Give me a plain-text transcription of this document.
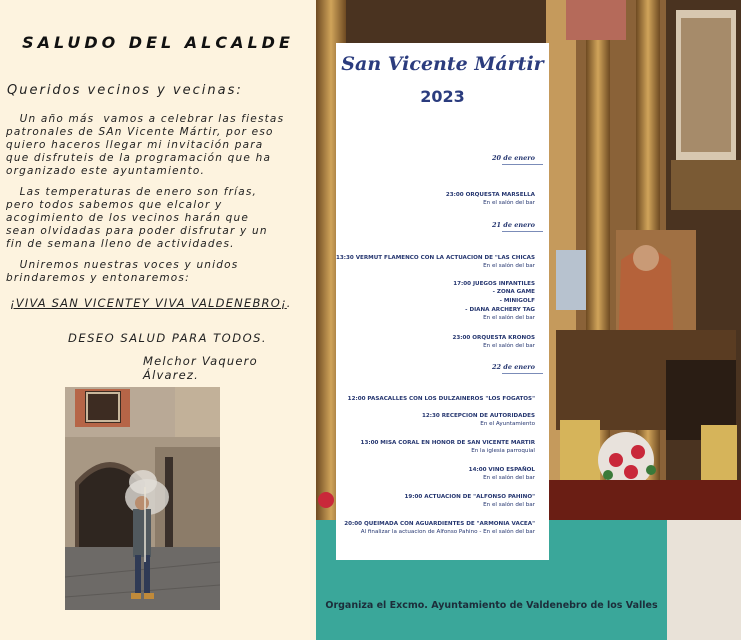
SALUDO DEL ALCALDE
Queridos vecinos y vecinas:
Un año más  vamos a celebrar las fiestas
patronales de SAn Vicente Mártir, por eso
quiero haceros llegar mi invitación para
que disfruteis de la programación que ha
organizado este ayuntamiento.
Las temperaturas de enero son frías,
pero todos sabemos que elcalor y
acogimiento de los vecinos harán que
sean olvidadas para poder disfrutar y un
fin de semana lleno de actividades.
Uniremos nuestras voces y unidos
brindaremos y entonaremos:
¡VIVA SAN VICENTEY VIVA VALDENEBRO¡.
DESEO SALUD PARA TODOS.
Melchor Vaquero Álvarez.
Organiza el Excmo. Ayuntamiento de Valdenebro de los Valles
San Vicente Mártir
2023
20 de enero
23:00 ORQUESTA MARSELLA
En el salón del bar
21 de enero
13:30 VERMUT FLAMENCO CON LA ACTUACION DE "LAS CHICAS
En el salón del bar
17:00 JUEGOS INFANTILES
- ZONA GAME
- MINIGOLF
- DIANA ARCHERY TAG
En el salón del bar
23:00 ORQUESTA KRONOS
En el salón del bar
22 de enero
12:00 PASACALLES CON LOS DULZAINEROS "LOS FOGATOS"
12:30 RECEPCION DE AUTORIDADES
En el Ayuntamiento
13:00 MISA CORAL EN HONOR DE SAN VICENTE MARTIR
En la iglesia parroquial
14:00 VINO ESPAÑOL
En el salón del bar
19:00 ACTUACION DE "ALFONSO PAHINO"
En el salón del bar
20:00 QUEIMADA CON AGUARDIENTES DE "ARMONIA VACEA"
Al finalizar la actuacion de Alfonso Pahino - En el salón del bar
